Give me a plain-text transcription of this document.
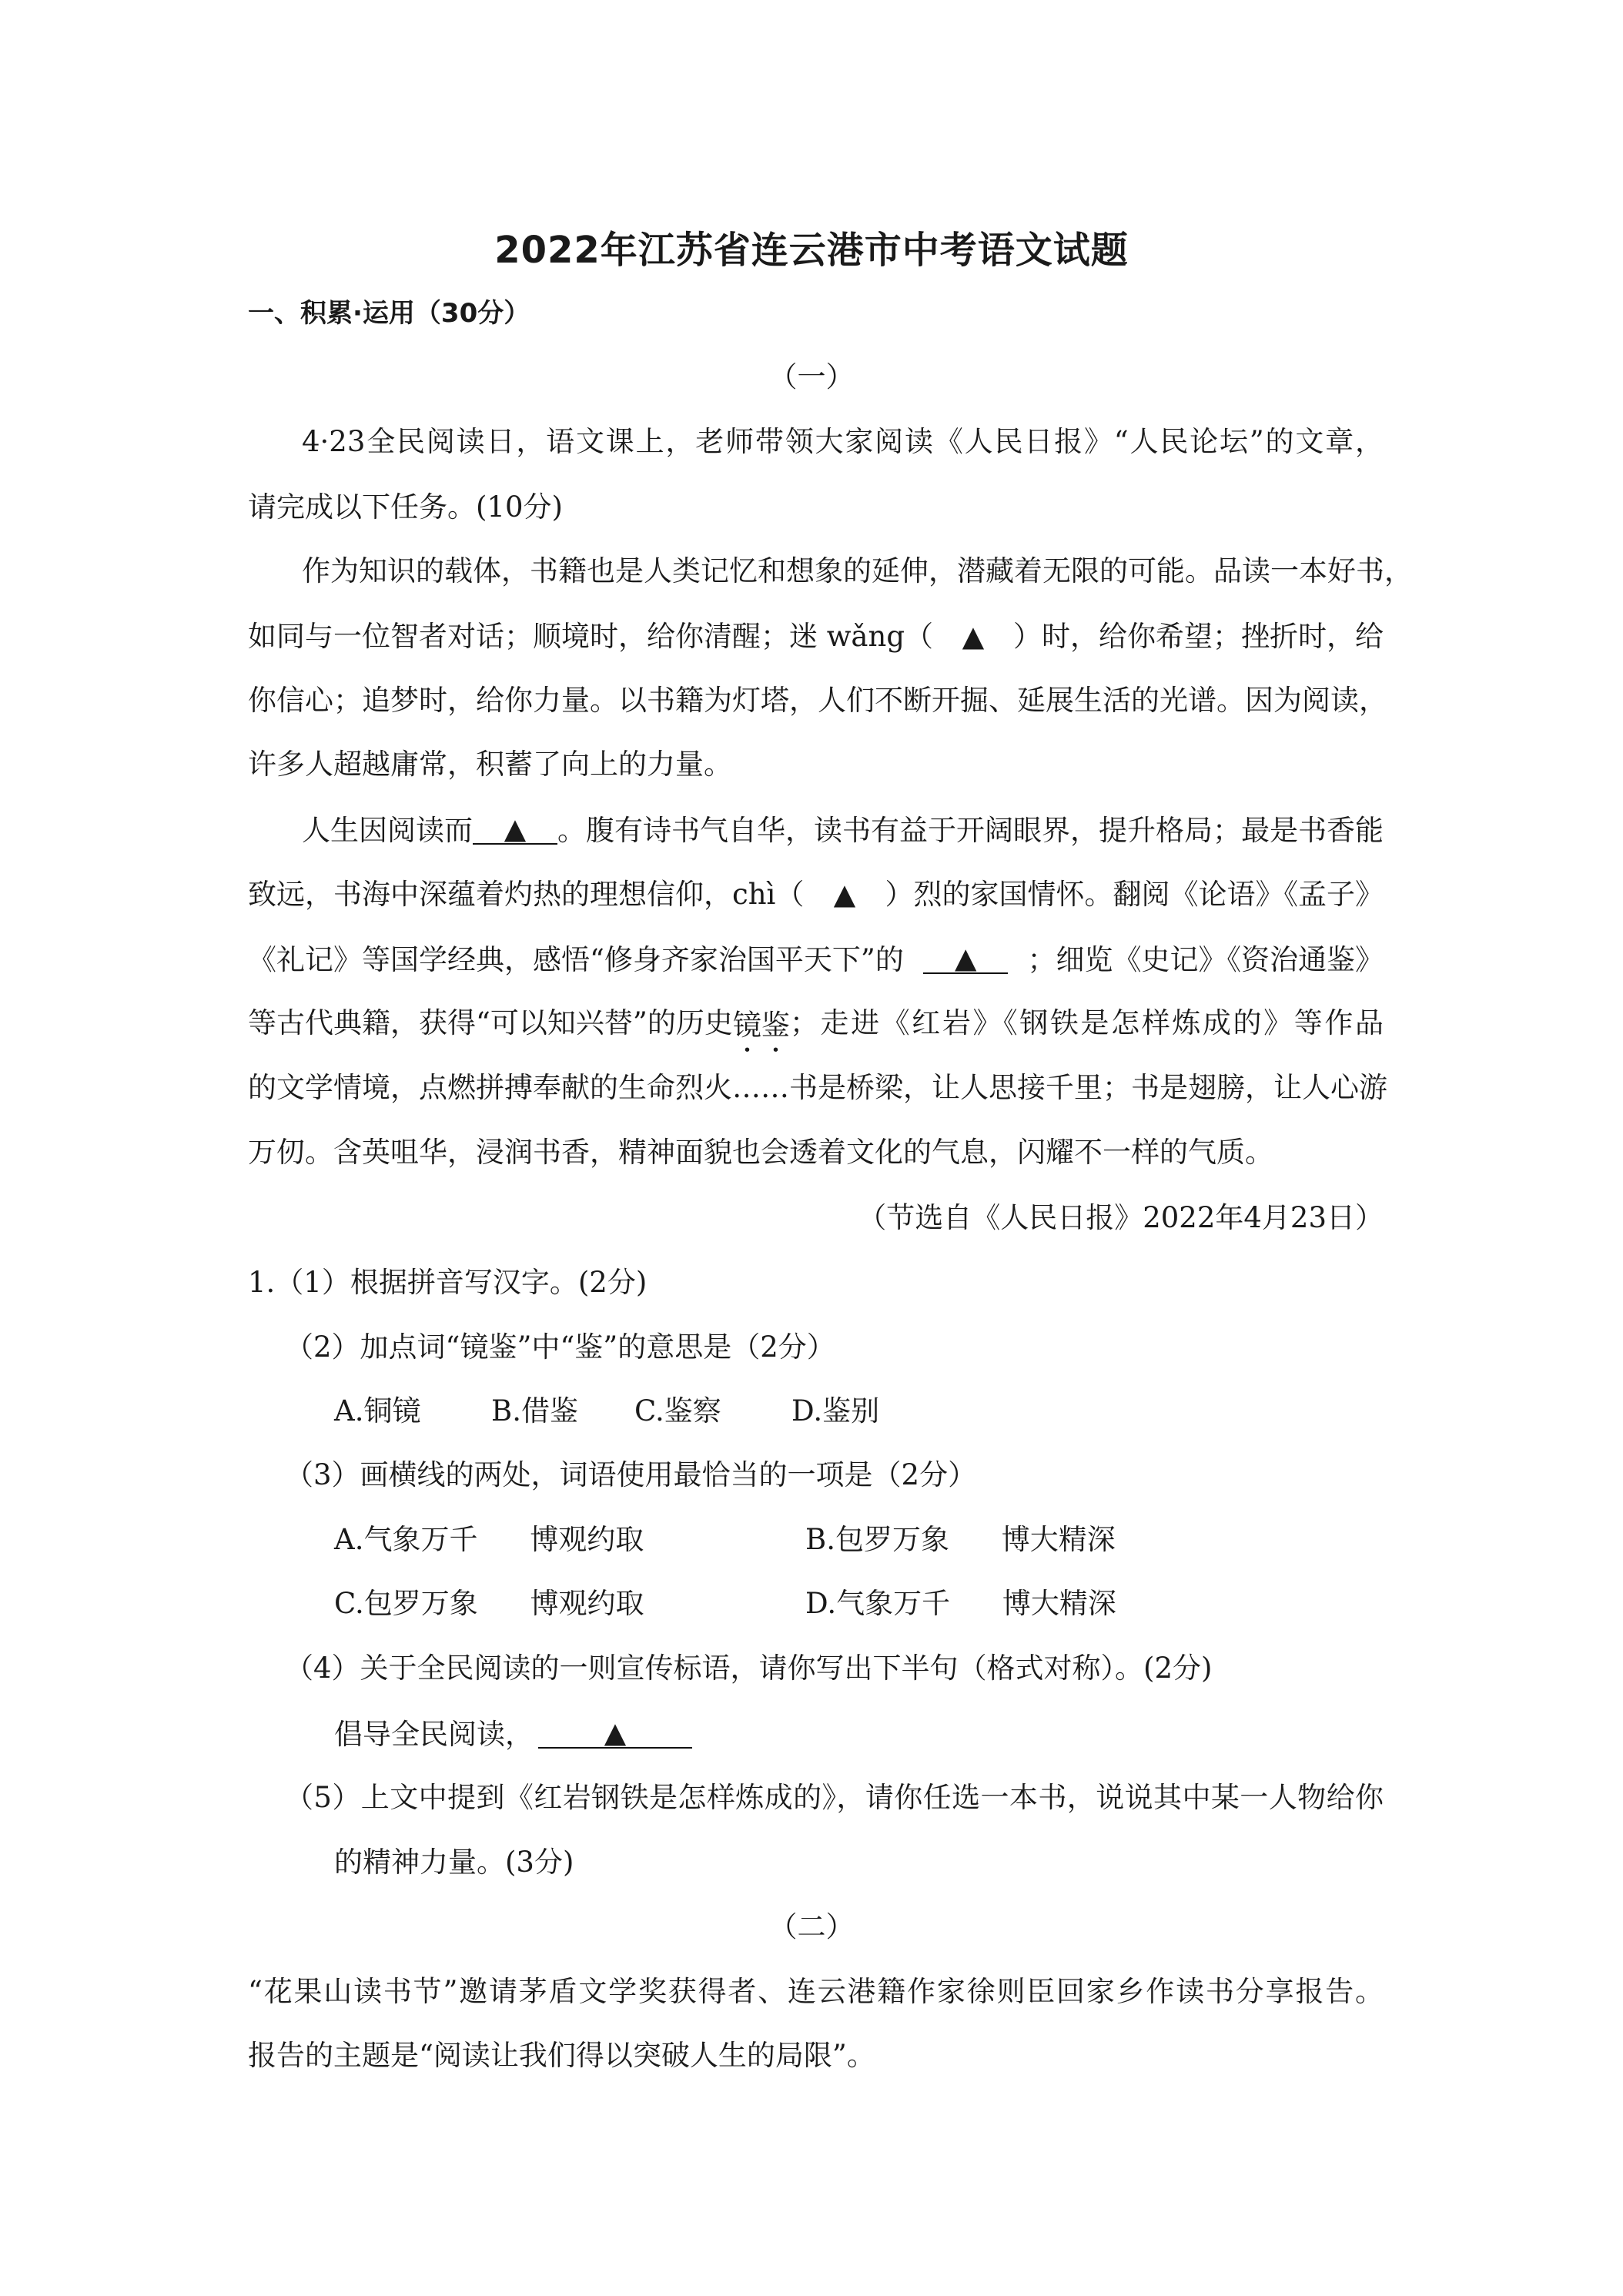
2022年江苏省连云港市中考语文试题
一、积累·运用（30分）
（一）
4·23全民阅读日，语文课上，老师带领大家阅读《人民日报》“人民论坛”的文章，
请完成以下任务。(10分)
作为知识的载体，书籍也是人类记忆和想象的延伸，潜藏着无限的可能。品读一本好书，
如同与一位智者对话；顺境时，给你清醒；迷 wǎng（ ▲ ）时，给你希望；挫折时，给
你信心；追梦时，给你力量。以书籍为灯塔，人们不断开掘、延展生活的光谱。因为阅读，
许多人超越庸常，积蓄了向上的力量。
人生因阅读而	▲	。腹有诗书气自华，读书有益于开阔眼界，提升格局；最是书香能
致远，书海中深蕴着灼热的理想信仰，chì（ ▲ ）烈的家国情怀。翻阅《论语》《孟子》
《礼记》等国学经典，感悟“修身齐家治国平天下”的	▲	；细览《史记》《资治通鉴》
等古代典籍，获得“可以知兴替”的历史 镜鉴 ；走进《红岩》《钢铁是怎样炼成的》等作品
的文学情境，点燃拼搏奉献的生命烈火……书是桥梁，让人思接千里；书是翅膀，让人心游
万仞。含英咀华，浸润书香，精神面貌也会透着文化的气息，闪耀不一样的气质。
（节选自《人民日报》2022年4月23日）
1.（1）根据拼音写汉字。(2分)
（2）加点词“镜鉴”中“鉴”的意思是（2分）
A.铜镜 B.借鉴 C.鉴察 D.鉴别
（3）画横线的两处，词语使用最恰当的一项是（2分）
A.气象万千 博观约取	B.包罗万象 博大精深
C.包罗万象 博观约取	D.气象万千 博大精深
（4）关于全民阅读的一则宣传标语，请你写出下半句（格式对称）。(2分)
倡导全民阅读，	▲
（5）上文中提到《红岩钢铁是怎样炼成的》，请你任选一本书，说说其中某一人物给你
的精神力量。(3分)
（二）
“花果山读书节”邀请茅盾文学奖获得者、连云港籍作家徐则臣回家乡作读书分享报告。
报告的主题是“阅读让我们得以突破人生的局限”。
